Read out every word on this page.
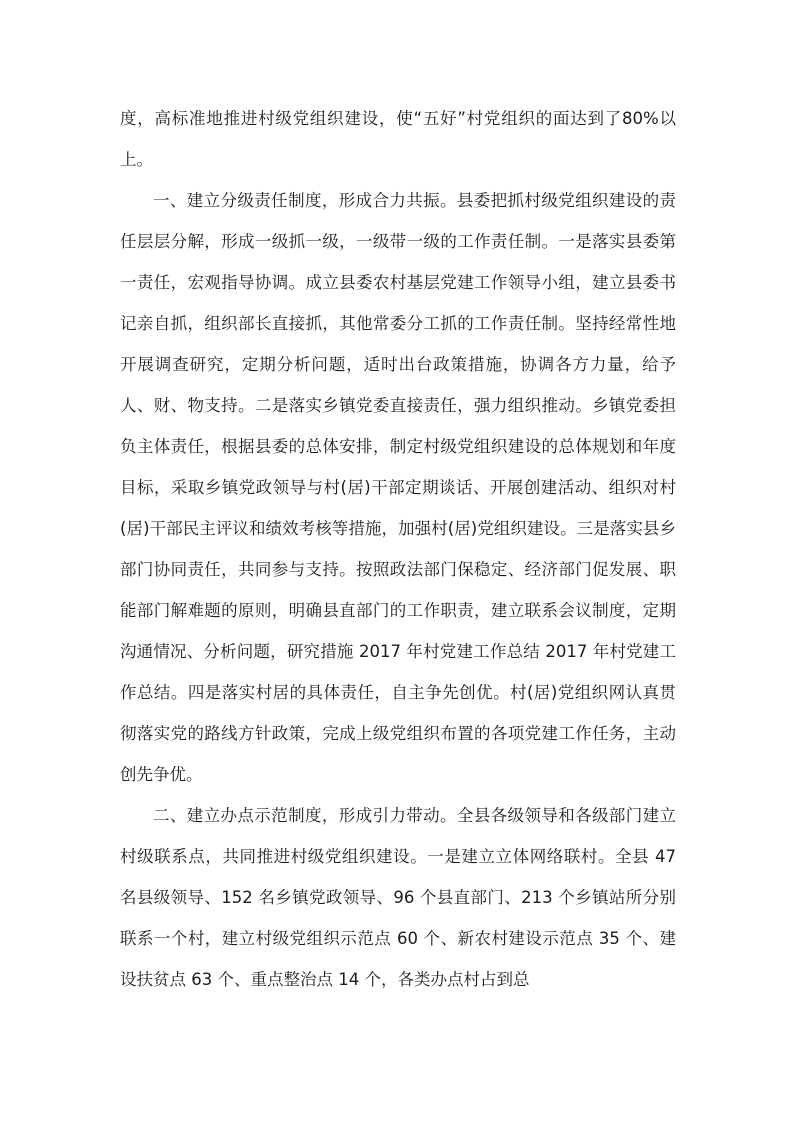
度，高标准地推进村级党组织建设，使“五好”村党组织的面达到了80%以上。

一、建立分级责任制度，形成合力共振。县委把抓村级党组织建设的责任层层分解，形成一级抓一级，一级带一级的工作责任制。一是落实县委第一责任，宏观指导协调。成立县委农村基层党建工作领导小组，建立县委书记亲自抓，组织部长直接抓，其他常委分工抓的工作责任制。坚持经常性地开展调查研究，定期分析问题，适时出台政策措施，协调各方力量，给予人、财、物支持。二是落实乡镇党委直接责任，强力组织推动。乡镇党委担负主体责任，根据县委的总体安排，制定村级党组织建设的总体规划和年度目标，采取乡镇党政领导与村(居)干部定期谈话、开展创建活动、组织对村(居)干部民主评议和绩效考核等措施，加强村(居)党组织建设。三是落实县乡部门协同责任，共同参与支持。按照政法部门保稳定、经济部门促发展、职能部门解难题的原则，明确县直部门的工作职责，建立联系会议制度，定期沟通情况、分析问题，研究措施 2017 年村党建工作总结 2017 年村党建工作总结。四是落实村居的具体责任，自主争先创优。村(居)党组织网认真贯彻落实党的路线方针政策，完成上级党组织布置的各项党建工作任务，主动创先争优。

二、建立办点示范制度，形成引力带动。全县各级领导和各级部门建立村级联系点，共同推进村级党组织建设。一是建立立体网络联村。全县 47 名县级领导、152 名乡镇党政领导、96 个县直部门、213 个乡镇站所分别联系一个村，建立村级党组织示范点 60 个、新农村建设示范点 35 个、建设扶贫点 63 个、重点整治点 14 个，各类办点村占到总
